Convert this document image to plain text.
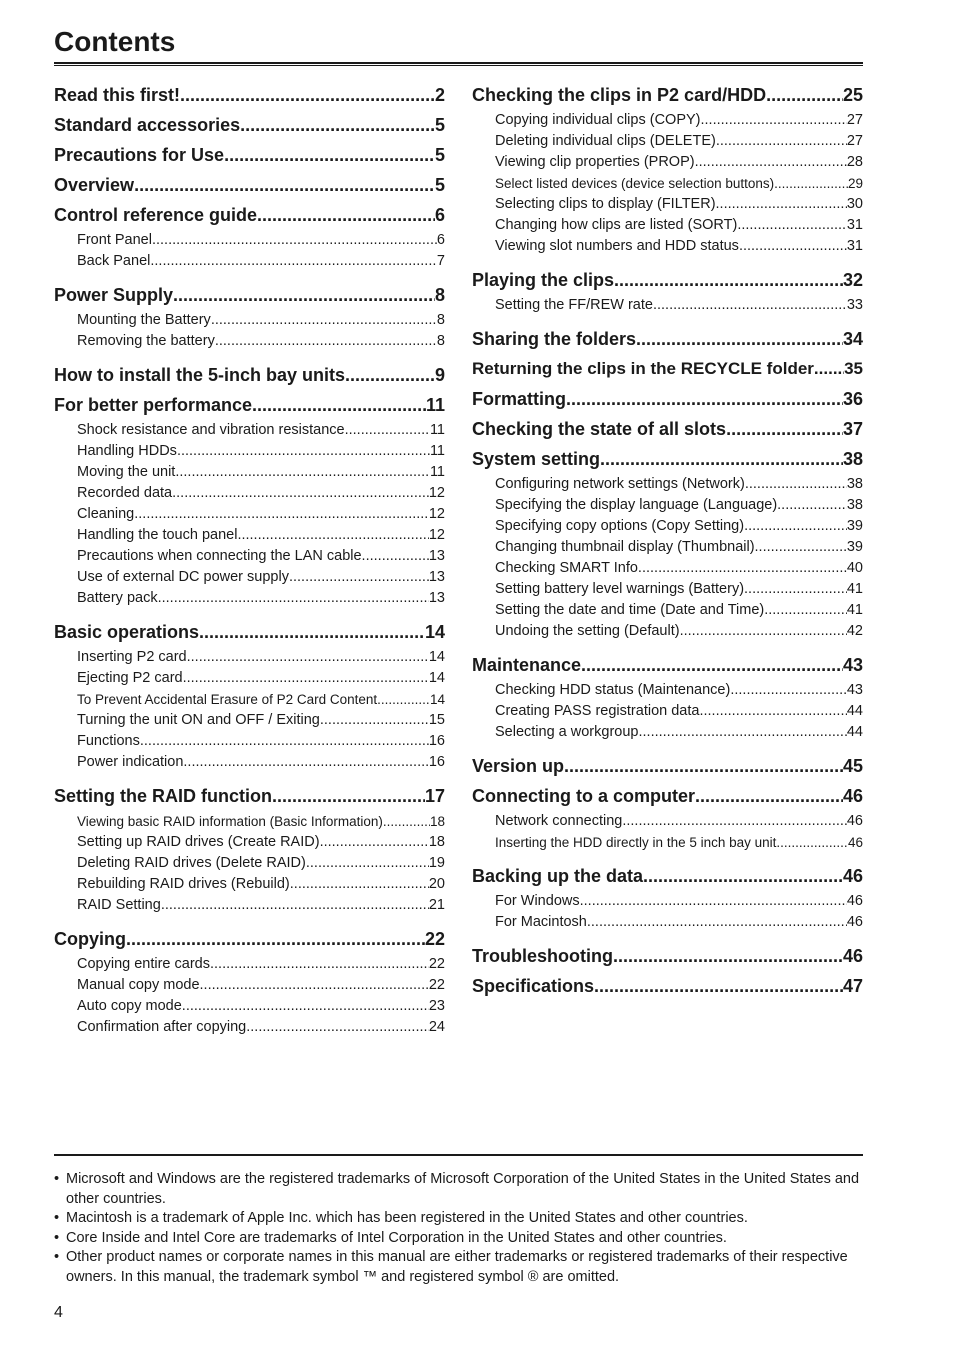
Contents
Read this first! .....	2
Standard accessories .....	5
Precautions for Use .....	5
Overview .....	5
Control reference guide .....	6
Front Panel .....	6
Back Panel .....	7
Power Supply .....	8
Mounting the Battery .....	8
Removing the battery .....	8
How to install the 5-inch bay units .....	9
For better performance .....	11
Shock resistance and vibration resistance .....	11
Handling HDDs .....	11
Moving the unit .....	11
Recorded data .....	12
Cleaning .....	12
Handling the touch panel .....	12
Precautions when connecting the LAN cable .....	13
Use of external DC power supply .....	13
Battery pack .....	13
Basic operations .....	14
Inserting P2 card .....	14
Ejecting P2 card .....	14
To Prevent Accidental Erasure of P2 Card Content .....	14
Turning the unit ON and OFF / Exiting .....	15
Functions .....	16
Power indication .....	16
Setting the RAID function .....	17
Viewing basic RAID information (Basic Information) .....	18
Setting up RAID drives (Create RAID) .....	18
Deleting RAID drives (Delete RAID) .....	19
Rebuilding RAID drives (Rebuild) .....	20
RAID Setting .....	21
Copying .....	22
Copying entire cards .....	22
Manual copy mode .....	22
Auto copy mode .....	23
Confirmation after copying .....	24
Checking the clips in P2 card/HDD .....	25
Copying individual clips (COPY) .....	27
Deleting individual clips (DELETE) .....	27
Viewing clip properties (PROP) .....	28
Select listed devices (device selection buttons) .....	29
Selecting clips to display (FILTER) .....	30
Changing how clips are listed (SORT) .....	31
Viewing slot numbers and HDD status .....	31
Playing the clips .....	32
Setting the FF/REW rate .....	33
Sharing the folders .....	34
Returning the clips in the RECYCLE folder ..... 35
Formatting .....	36
Checking the state of all slots .....	37
System setting .....	38
Configuring network settings (Network) .....	38
Specifying the display language (Language) .....	38
Specifying copy options (Copy Setting) .....	39
Changing thumbnail display (Thumbnail) .....	39
Checking SMART Info .....	40
Setting battery level warnings (Battery) .....	41
Setting the date and time (Date and Time) .....	41
Undoing the setting (Default) .....	42
Maintenance .....	43
Checking HDD status (Maintenance) .....	43
Creating PASS registration data .....	44
Selecting a workgroup .....	44
Version up .....	45
Connecting to a computer .....	46
Network connecting .....	46
Inserting the HDD directly in the 5 inch bay unit .....	46
Backing up the data .....	46
For Windows .....	46
For Macintosh .....	46
Troubleshooting .....	46
Specifications .....	47
• Microsoft and Windows are the registered trademarks of Microsoft Corporation of the United States in the United States and other countries.
• Macintosh is a trademark of Apple Inc. which has been registered in the United States and other countries.
• Core Inside and Intel Core are trademarks of Intel Corporation in the United States and other countries.
• Other product names or corporate names in this manual are either trademarks or registered trademarks of their respective owners. In this manual, the trademark symbol ™ and registered symbol ® are omitted.
4
